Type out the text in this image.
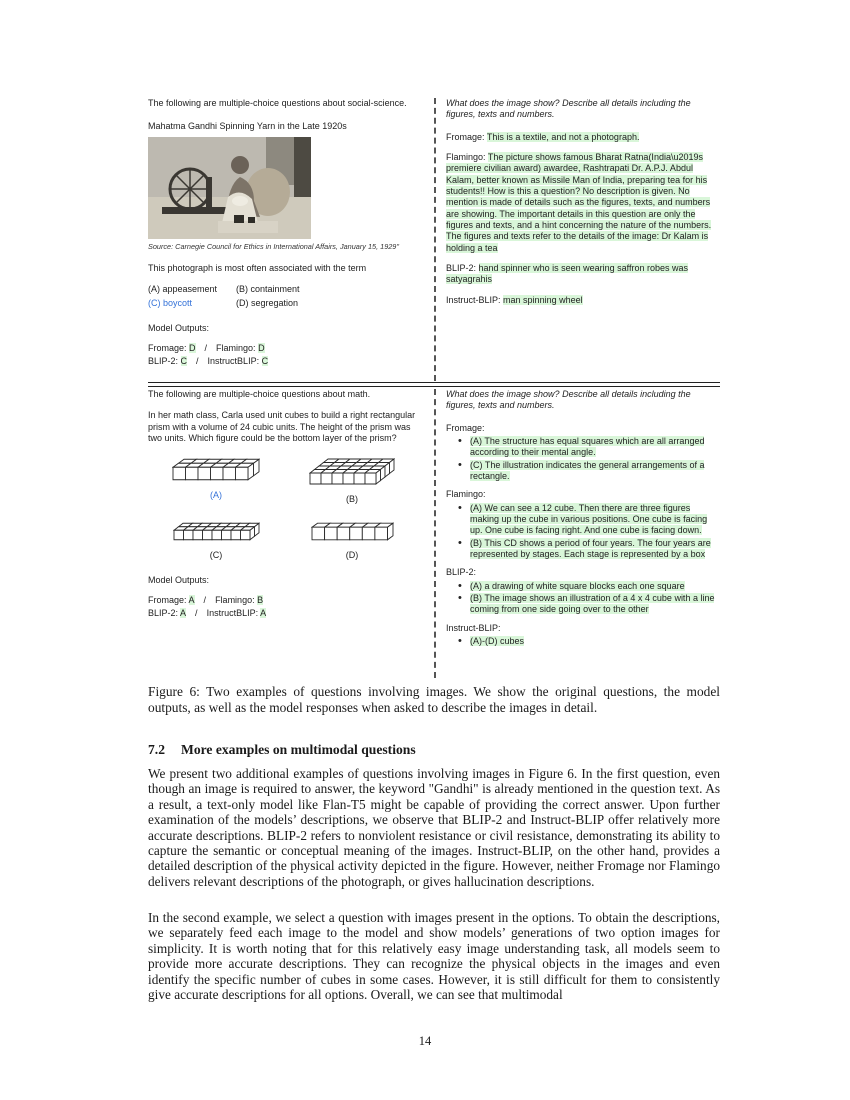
The following are multiple-choice questions about social-science.
Mahatma Gandhi Spinning Yarn in the Late 1920s
Source: Carnegie Council for Ethics in International Affairs, January 15, 1929"
This photograph is most often associated with the term
(A) appeasement	(B) containment
(C) boycott	(D) segregation
Model Outputs:
Fromage: D / Flamingo: D
BLIP-2: C / InstructBLIP: C
What does the image show? Describe all details including the figures, texts and numbers.
Fromage: This is a textile, and not a photograph.
Flamingo: The picture shows famous Bharat Ratna(India\u2019s premiere civilian award) awardee, Rashtrapati Dr. A.P.J. Abdul Kalam, better known as Missile Man of India, preparing tea for his students!! How is this a question? No description is given. No mention is made of details such as the figures, texts, and numbers are showing. The important details in this question are only the figures and texts, and a hint concerning the nature of the numbers. The figures and texts refer to the details of the image: Dr Kalam is holding a tea
BLIP-2: hand spinner who is seen wearing saffron robes was satyagrahis
Instruct-BLIP: man spinning wheel
The following are multiple-choice questions about math.
In her math class, Carla used unit cubes to build a right rectangular prism with a volume of 24 cubic units. The height of the prism was two units. Which figure could be the bottom layer of the prism?
(A)	(B)
(C)	(D)
Model Outputs:
Fromage: A / Flamingo: B
BLIP-2: A / InstructBLIP: A
What does the image show? Describe all details including the figures, texts and numbers.
Fromage:
• (A) The structure has equal squares which are all arranged according to their mental angle.
• (C) The illustration indicates the general arrangements of a rectangle.
Flamingo:
• (A) We can see a 12 cube. Then there are three figures making up the cube in various positions. One cube is facing up. One cube is facing right. And one cube is facing down.
• (B) This CD shows a period of four years. The four years are represented by stages. Each stage is represented by a box
BLIP-2:
• (A) a drawing of white square blocks each one square
• (B) The image shows an illustration of a 4 x 4 cube with a line coming from one side going over to the other
Instruct-BLIP:
• (A)-(D) cubes
Figure 6: Two examples of questions involving images. We show the original questions, the model outputs, as well as the model responses when asked to describe the images in detail.
7.2 More examples on multimodal questions
We present two additional examples of questions involving images in Figure 6. In the first question, even though an image is required to answer, the keyword "Gandhi" is already mentioned in the question text. As a result, a text-only model like Flan-T5 might be capable of providing the correct answer. Upon further examination of the models’ descriptions, we observe that BLIP-2 and Instruct-BLIP offer relatively more accurate descriptions. BLIP-2 refers to nonviolent resistance or civil resistance, demonstrating its ability to capture the semantic or conceptual meaning of the images. Instruct-BLIP, on the other hand, provides a detailed description of the physical activity depicted in the figure. However, neither Fromage nor Flamingo delivers relevant descriptions of the photograph, or gives hallucination descriptions.
In the second example, we select a question with images present in the options. To obtain the descriptions, we separately feed each image to the model and show models’ generations of two option images for simplicity. It is worth noting that for this relatively easy image understanding task, all models seem to provide more accurate descriptions. They can recognize the physical objects in the images and even identify the specific number of cubes in some cases. However, it is still difficult for them to consistently give accurate descriptions for all options. Overall, we can see that multimodal
14
